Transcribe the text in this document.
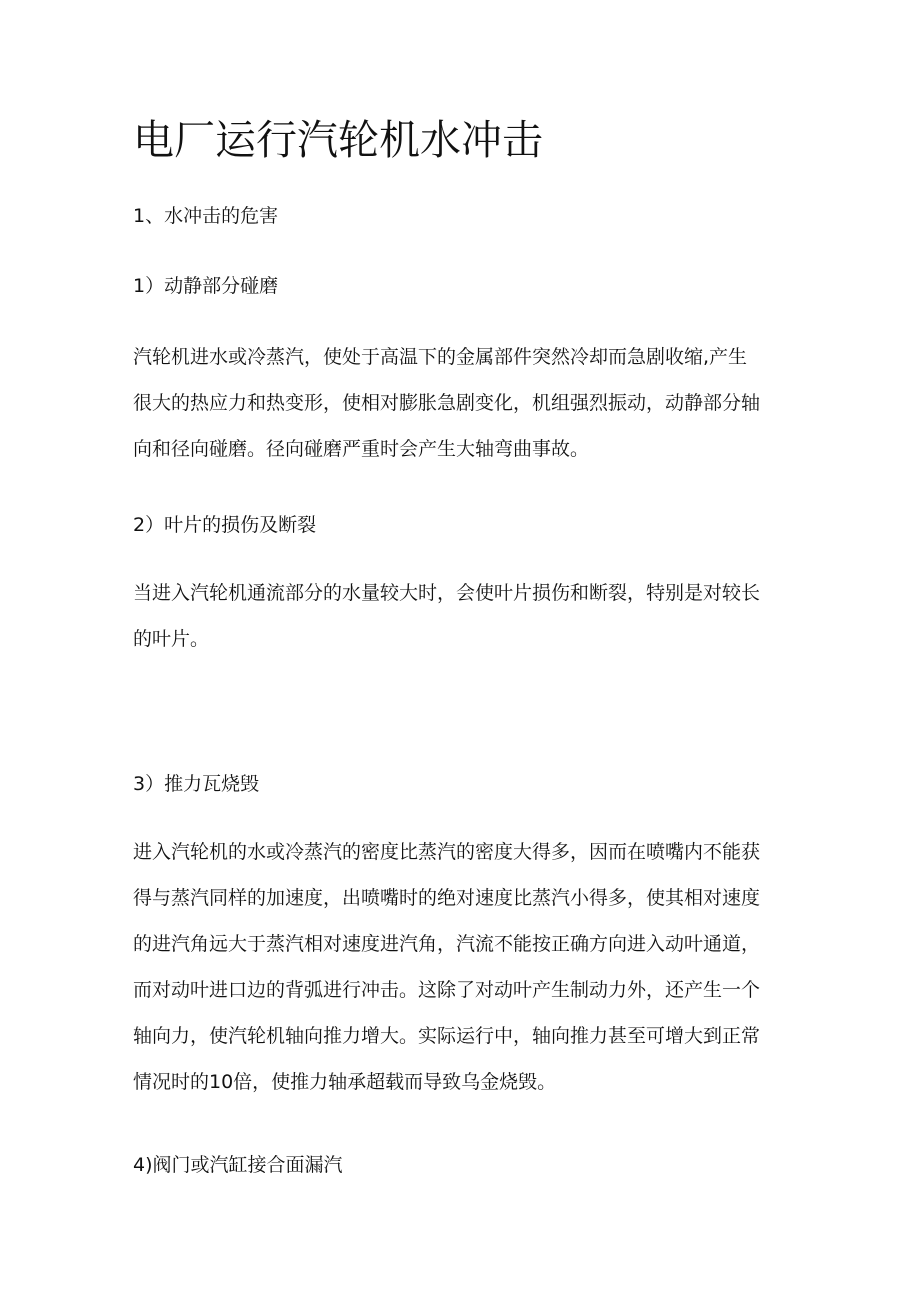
电厂运行汽轮机水冲击

1、水冲击的危害

1）动静部分碰磨

汽轮机进水或冷蒸汽，使处于高温下的金属部件突然冷却而急剧收缩,产生
很大的热应力和热变形，使相对膨胀急剧变化，机组强烈振动，动静部分轴
向和径向碰磨。径向碰磨严重时会产生大轴弯曲事故。

2）叶片的损伤及断裂

当进入汽轮机通流部分的水量较大时，会使叶片损伤和断裂，特别是对较长
的叶片。

3）推力瓦烧毁

进入汽轮机的水或冷蒸汽的密度比蒸汽的密度大得多，因而在喷嘴内不能获
得与蒸汽同样的加速度，出喷嘴时的绝对速度比蒸汽小得多，使其相对速度
的进汽角远大于蒸汽相对速度进汽角，汽流不能按正确方向进入动叶通道，
而对动叶进口边的背弧进行冲击。这除了对动叶产生制动力外，还产生一个
轴向力，使汽轮机轴向推力增大。实际运行中，轴向推力甚至可增大到正常
情况时的10倍，使推力轴承超载而导致乌金烧毁。

4)阀门或汽缸接合面漏汽
